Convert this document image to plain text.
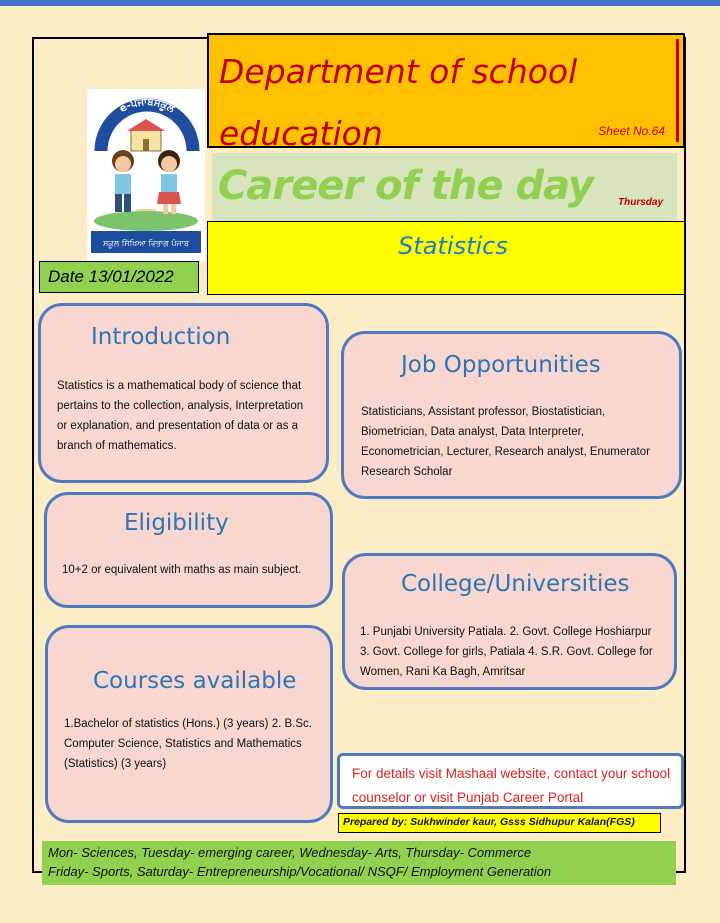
Department of school education	Sheet No.64
e-ਪੰਜਾਬਸਕੂਲ
ਸਕੂਲ ਸਿੱਖਿਆ ਵਿਭਾਗ ਪੰਜਾਬ
Career of the day	Thursday
Statistics
Date 13/01/2022
Introduction
Statistics is a mathematical body of science that pertains to the collection, analysis, Interpretation or explanation, and presentation of data or as a branch of mathematics.
Job Opportunities
Statisticians, Assistant professor, Biostatistician, Biometrician, Data analyst, Data Interpreter, Econometrician, Lecturer, Research analyst, Enumerator Research Scholar
Eligibility
10+2 or equivalent with maths as main subject.
College/Universities
1. Punjabi University Patiala. 2. Govt. College Hoshiarpur 3. Govt. College for girls, Patiala 4. S.R. Govt. College for Women, Rani Ka Bagh, Amritsar
Courses available
1.Bachelor of statistics (Hons.) (3 years) 2. B.Sc. Computer Science, Statistics and Mathematics (Statistics) (3 years)
For details visit Mashaal website, contact your school counselor or visit Punjab Career Portal
Prepared by: Sukhwinder kaur, Gsss Sidhupur Kalan(FGS)
Mon- Sciences, Tuesday- emerging career, Wednesday- Arts, Thursday- Commerce
Friday- Sports, Saturday- Entrepreneurship/Vocational/ NSQF/ Employment Generation
